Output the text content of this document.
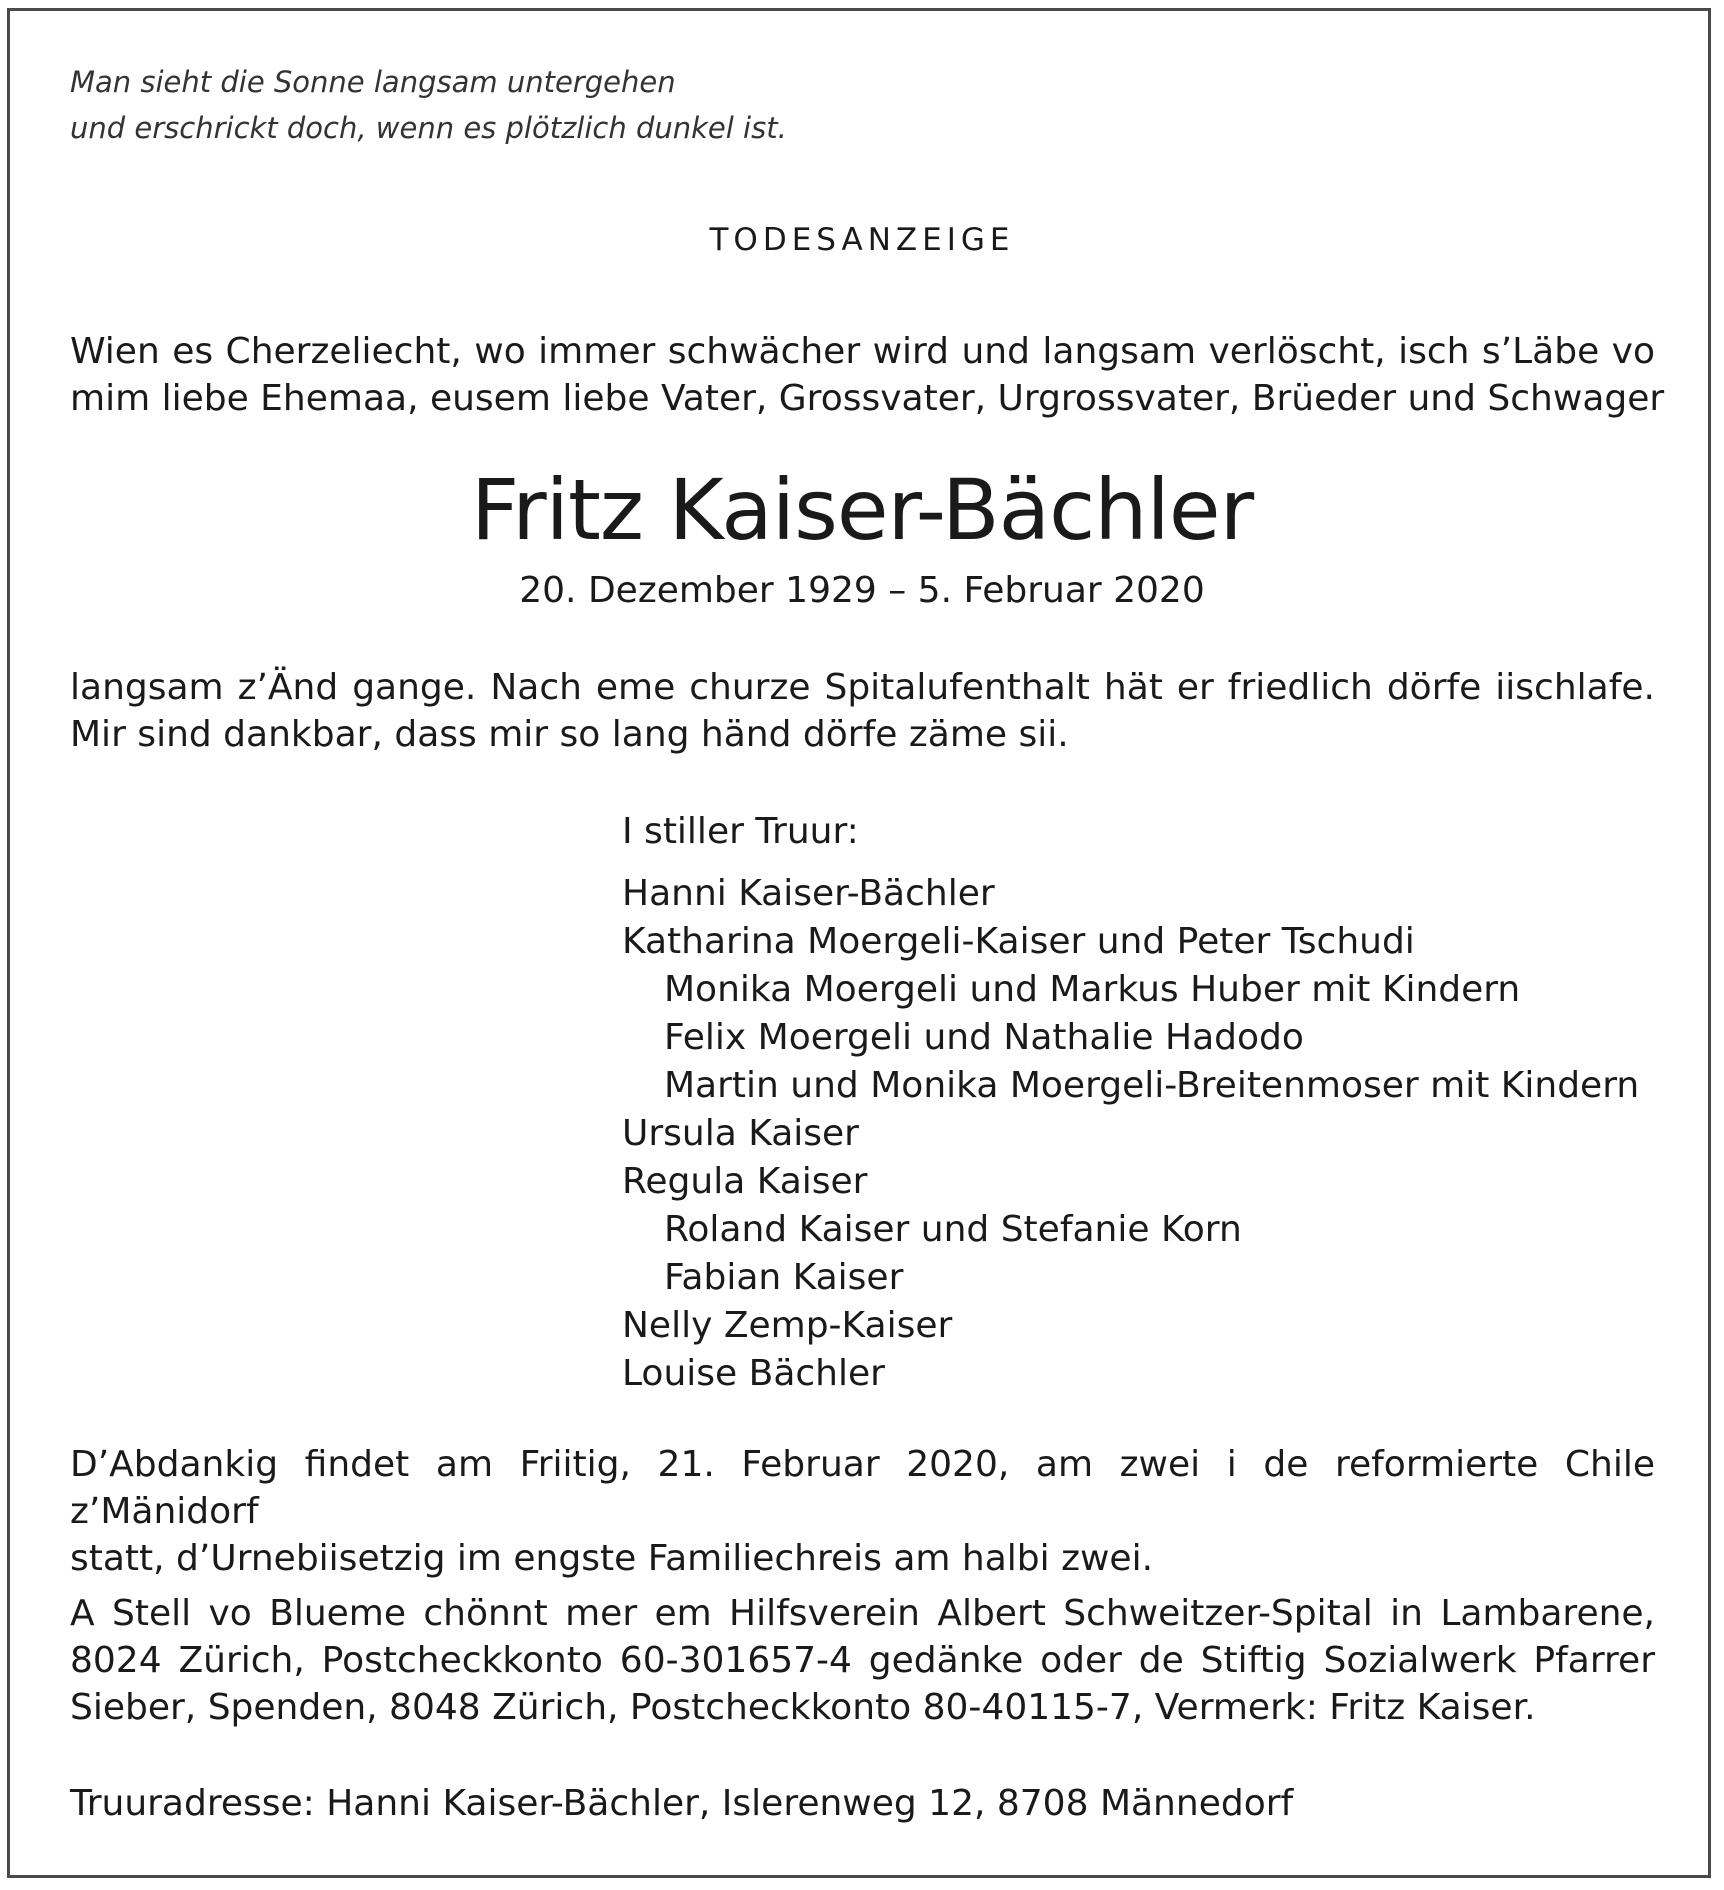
Man sieht die Sonne langsam untergehen
und erschrickt doch, wenn es plötzlich dunkel ist.
TODESANZEIGE
Wien es Cherzeliecht, wo immer schwächer wird und langsam verlöscht, isch s’Läbe vo
mim liebe Ehemaa, eusem liebe Vater, Grossvater, Urgrossvater, Brüeder und Schwager
Fritz Kaiser-Bächler
20. Dezember 1929 – 5. Februar 2020
langsam z’Änd gange. Nach eme churze Spitalufenthalt hät er friedlich dörfe iischlafe.
Mir sind dankbar, dass mir so lang händ dörfe zäme sii.
I stiller Truur:
Hanni Kaiser-Bächler
Katharina Moergeli-Kaiser und Peter Tschudi
Monika Moergeli und Markus Huber mit Kindern
Felix Moergeli und Nathalie Hadodo
Martin und Monika Moergeli-Breitenmoser mit Kindern
Ursula Kaiser
Regula Kaiser
Roland Kaiser und Stefanie Korn
Fabian Kaiser
Nelly Zemp-Kaiser
Louise Bächler
D’Abdankig findet am Friitig, 21. Februar 2020, am zwei i de reformierte Chile z’Mänidorf
statt, d’Urnebiisetzig im engste Familiechreis am halbi zwei.
A Stell vo Blueme chönnt mer em Hilfsverein Albert Schweitzer-Spital in Lambarene,
8024 Zürich, Postcheckkonto 60-301657-4 gedänke oder de Stiftig Sozialwerk Pfarrer
Sieber, Spenden, 8048 Zürich, Postcheckkonto 80-40115-7, Vermerk: Fritz Kaiser.
Truuradresse: Hanni Kaiser-Bächler, Islerenweg 12, 8708 Männedorf
